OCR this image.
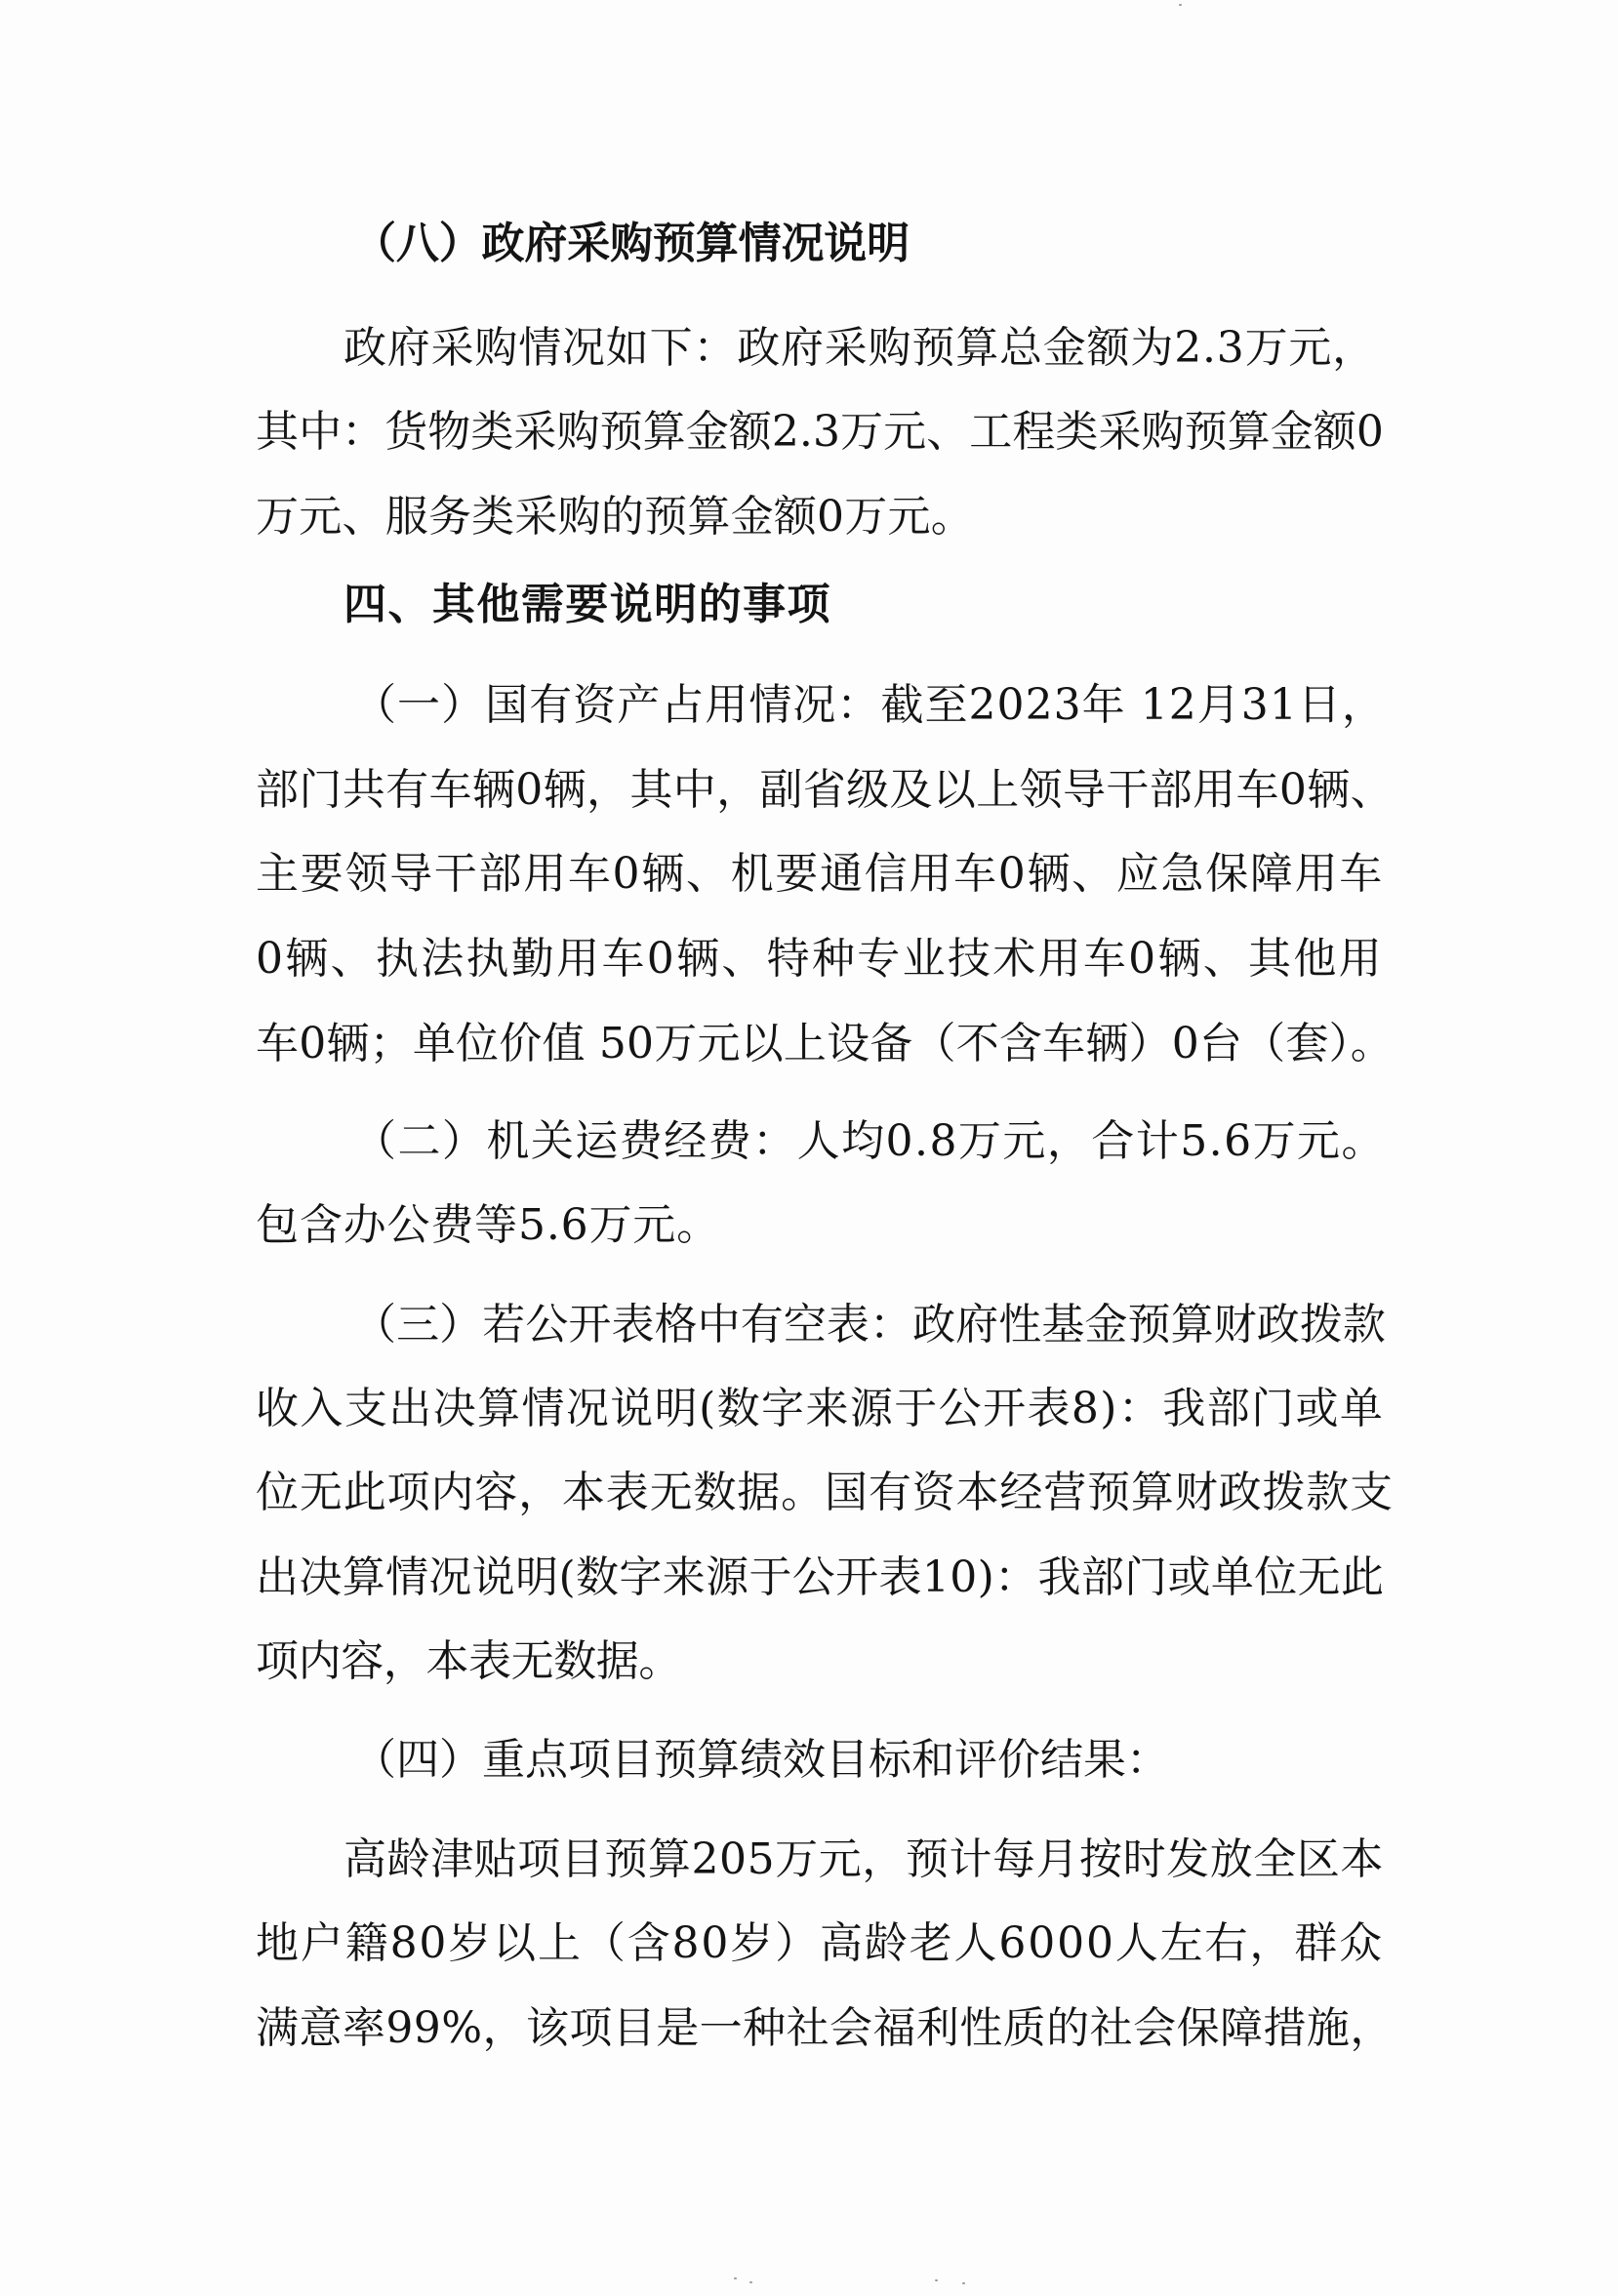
（八）政府采购预算情况说明
政府采购情况如下：政府采购预算总金额为2.3万元，
其中：货物类采购预算金额2.3万元、工程类采购预算金额0
万元、服务类采购的预算金额0万元。
四、其他需要说明的事项
（一）国有资产占用情况：截至2023年 12月31日，
部门共有车辆0辆，其中，副省级及以上领导干部用车0辆、
主要领导干部用车0辆、机要通信用车0辆、应急保障用车
0辆、执法执勤用车0辆、特种专业技术用车0辆、其他用
车0辆；单位价值 50万元以上设备（不含车辆）0台（套）。
（二）机关运费经费：人均0.8万元，合计5.6万元。
包含办公费等5.6万元。
（三）若公开表格中有空表：政府性基金预算财政拨款
收入支出决算情况说明(数字来源于公开表8)：我部门或单
位无此项内容，本表无数据。国有资本经营预算财政拨款支
出决算情况说明(数字来源于公开表10)：我部门或单位无此
项内容，本表无数据。
（四）重点项目预算绩效目标和评价结果：
高龄津贴项目预算205万元，预计每月按时发放全区本
地户籍80岁以上（含80岁）高龄老人6000人左右，群众
满意率99%，该项目是一种社会福利性质的社会保障措施，
